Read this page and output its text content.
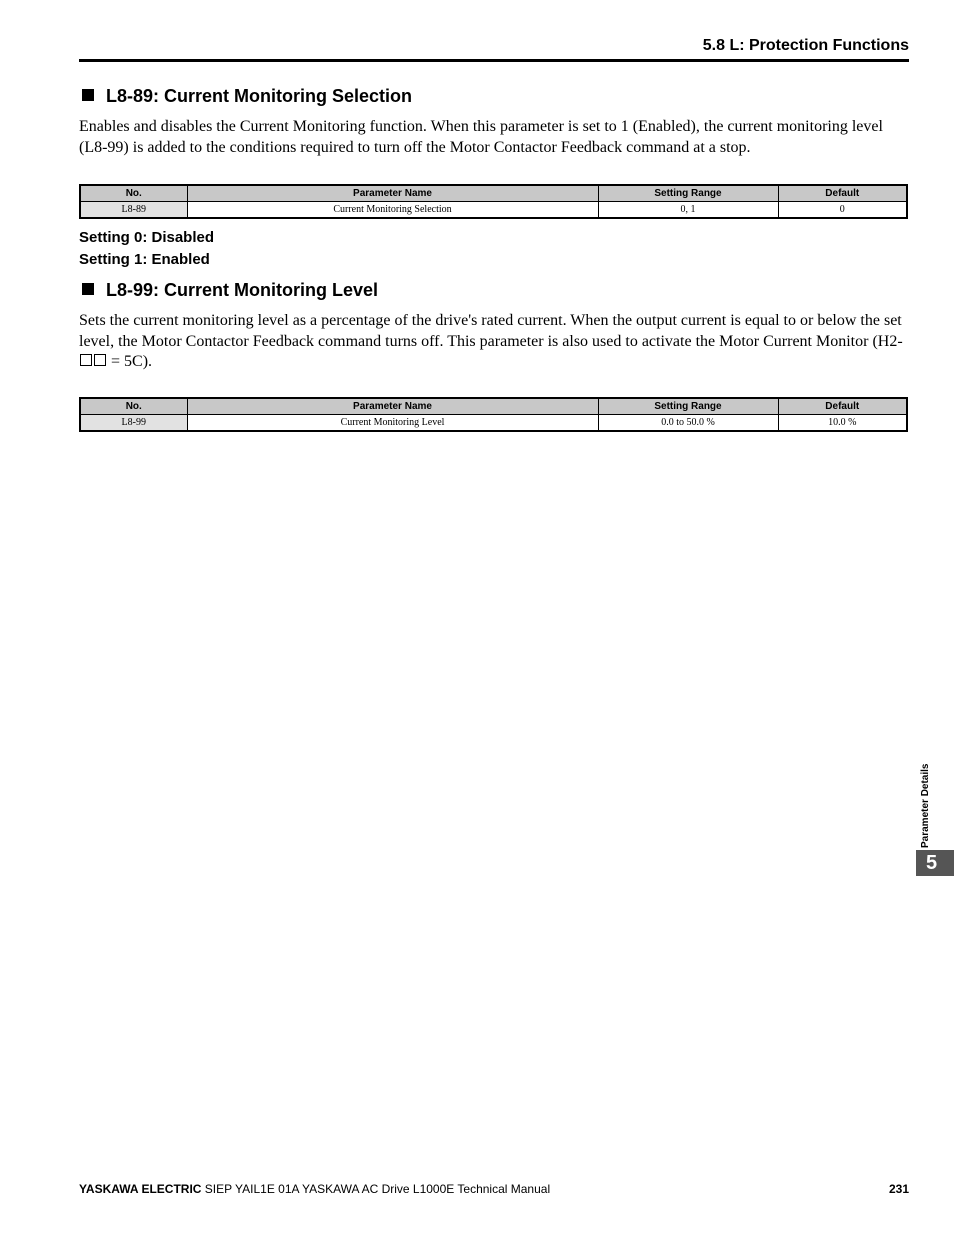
5.8 L: Protection Functions
L8-89: Current Monitoring Selection
Enables and disables the Current Monitoring function. When this parameter is set to 1 (Enabled), the current monitoring level (L8-99) is added to the conditions required to turn off the Motor Contactor Feedback command at a stop.
No.	Parameter Name	Setting Range	Default
L8-89	Current Monitoring Selection	0, 1	0
Setting 0: Disabled
Setting 1: Enabled
L8-99: Current Monitoring Level
Sets the current monitoring level as a percentage of the drive's rated current. When the output current is equal to or below the set level, the Motor Contactor Feedback command turns off. This parameter is also used to activate the Motor Current Monitor (H2- = 5C).
No.	Parameter Name	Setting Range	Default
L8-99	Current Monitoring Level	0.0 to 50.0 %	10.0 %
Parameter Details
5
YASKAWA ELECTRIC SIEP YAIL1E 01A YASKAWA AC Drive L1000E Technical Manual	231
